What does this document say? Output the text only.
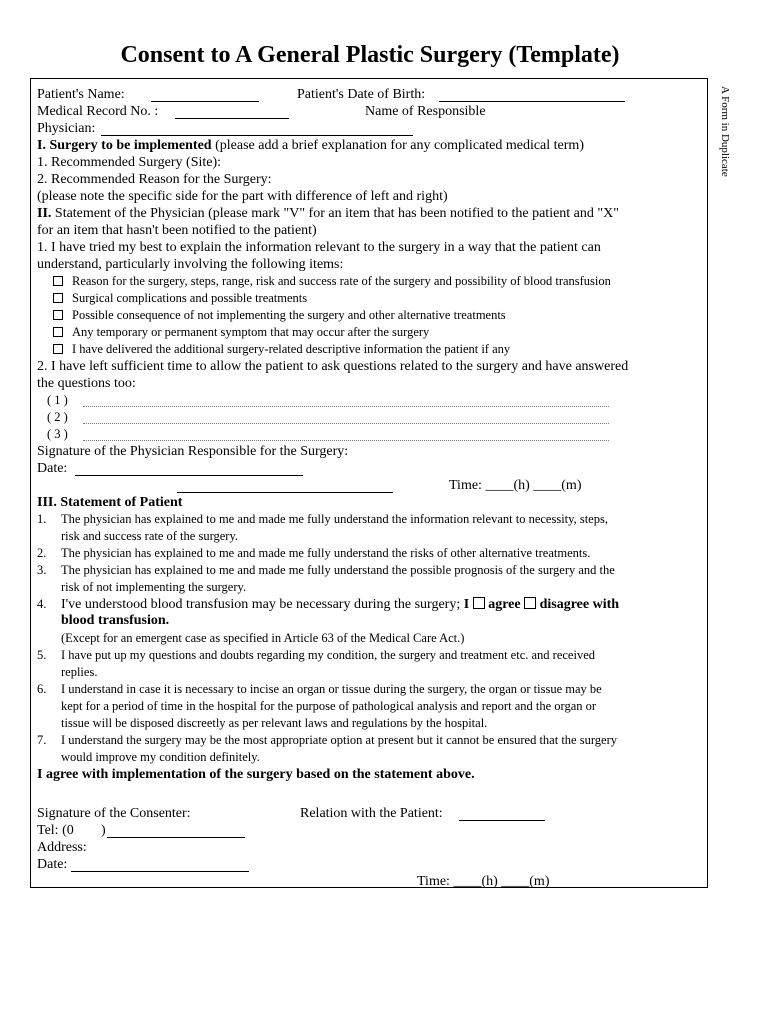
Consent to A General Plastic Surgery (Template)
A Form in Duplicate
Patient's Name:	Patient's Date of Birth:
Medical Record No. :	Name of Responsible
Physician:
I. Surgery to be implemented (please add a brief explanation for any complicated medical term)
1. Recommended Surgery (Site):
2. Recommended Reason for the Surgery:
(please note the specific side for the part with difference of left and right)
II. Statement of the Physician (please mark "V" for an item that has been notified to the patient and "X"
for an item that hasn't been notified to the patient)
1. I have tried my best to explain the information relevant to the surgery in a way that the patient can
understand, particularly involving the following items:
Reason for the surgery, steps, range, risk and success rate of the surgery and possibility of blood transfusion
Surgical complications and possible treatments
Possible consequence of not implementing the surgery and other alternative treatments
Any temporary or permanent symptom that may occur after the surgery
I have delivered the additional surgery-related descriptive information the patient if any
2. I have left sufficient time to allow the patient to ask questions related to the surgery and have answered
the questions too:
( 1 )
( 2 )
( 3 )
Signature of the Physician Responsible for the Surgery:
Date:
Time: ____(h) ____(m)
III. Statement of Patient
1. The physician has explained to me and made me fully understand the information relevant to necessity, steps,
risk and success rate of the surgery.
2. The physician has explained to me and made me fully understand the risks of other alternative treatments.
3. The physician has explained to me and made me fully understand the possible prognosis of the surgery and the
risk of not implementing the surgery.
4. I've understood blood transfusion may be necessary during the surgery; I agree disagree with
blood transfusion.
(Except for an emergent case as specified in Article 63 of the Medical Care Act.)
5. I have put up my questions and doubts regarding my condition, the surgery and treatment etc. and received
replies.
6. I understand in case it is necessary to incise an organ or tissue during the surgery, the organ or tissue may be
kept for a period of time in the hospital for the purpose of pathological analysis and report and the organ or
tissue will be disposed discreetly as per relevant laws and regulations by the hospital.
7. I understand the surgery may be the most appropriate option at present but it cannot be ensured that the surgery
would improve my condition definitely.
I agree with implementation of the surgery based on the statement above.
Signature of the Consenter:	Relation with the Patient:
Tel: (0 )
Address:
Date:
Time: ____(h) ____(m)
